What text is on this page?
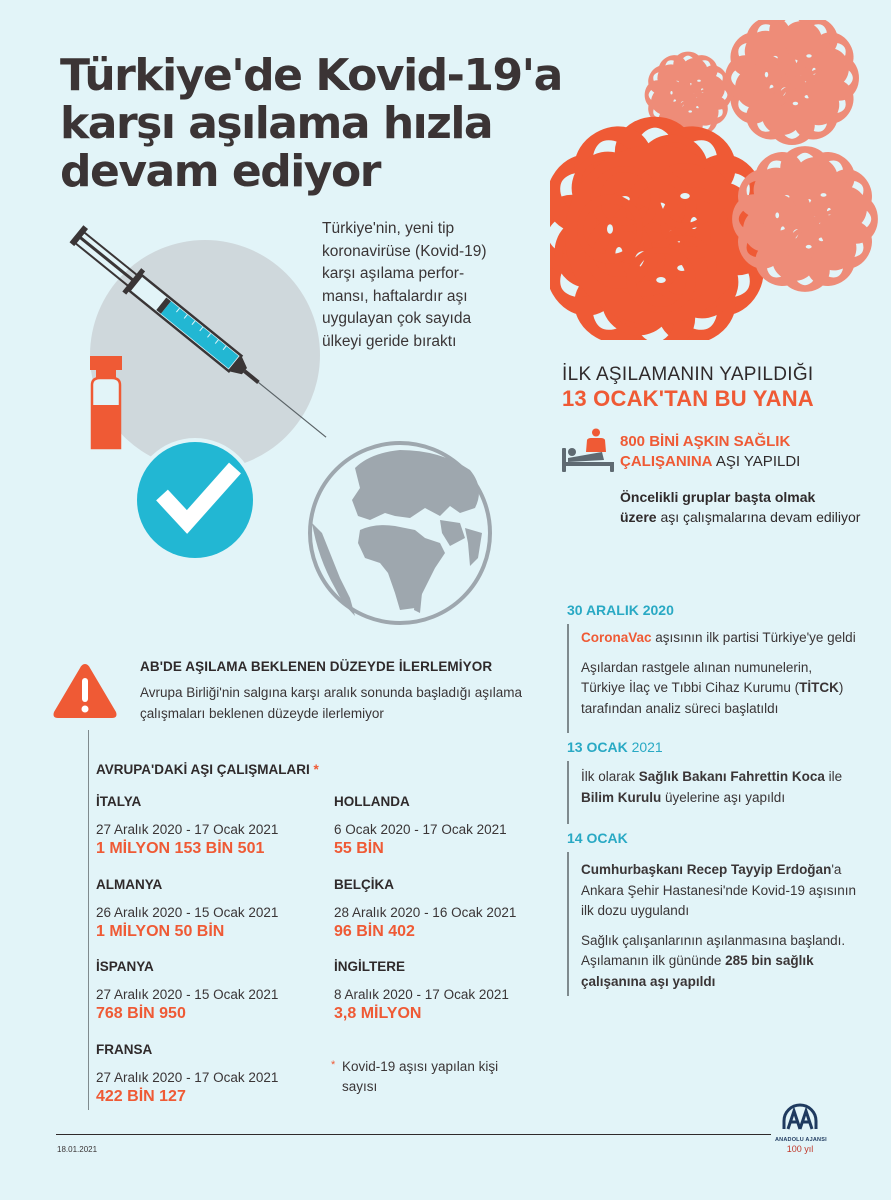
Türkiye'de Kovid-19'a
karşı aşılama hızla
devam ediyor
Türkiye'nin, yeni tip
koronavirüse (Kovid-19)
karşı aşılama perfor-
mansı, haftalardır aşı
uygulayan çok sayıda
ülkeyi geride bıraktı
İLK AŞILAMANIN YAPILDIĞI
13 OCAK'TAN BU YANA
800 BİNİ AŞKIN SAĞLIK
ÇALIŞANINA AŞI YAPILDI
Öncelikli gruplar başta olmak
üzere aşı çalışmalarına devam ediliyor
30 ARALIK 2020

CoronaVac aşısının ilk partisi Türkiye'ye geldi

Aşılardan rastgele alınan numunelerin, Türkiye İlaç ve Tıbbi Cihaz Kurumu (TİTCK) tarafından analiz süreci başlatıldı

13 OCAK 2021

İlk olarak Sağlık Bakanı Fahrettin Koca ile Bilim Kurulu üyelerine aşı yapıldı

14 OCAK

Cumhurbaşkanı Recep Tayyip Erdoğan'a Ankara Şehir Hastanesi'nde Kovid-19 aşısının ilk dozu uygulandı

Sağlık çalışanlarının aşılanmasına başlandı. Aşılamanın ilk gününde 285 bin sağlık çalışanına aşı yapıldı

AB'DE AŞILAMA BEKLENEN DÜZEYDE İLERLEMİYOR
Avrupa Birliği'nin salgına karşı aralık sonunda başladığı aşılama çalışmaları beklenen düzeyde ilerlemiyor
AVRUPA'DAKİ AŞI ÇALIŞMALARI *
İTALYA
27 Aralık 2020 - 17 Ocak 2021
1 MİLYON 153 BİN 501
HOLLANDA
6 Ocak 2020 - 17 Ocak 2021
55 BİN
ALMANYA
26 Aralık 2020 - 15 Ocak 2021
1 MİLYON 50 BİN
BELÇİKA
28 Aralık 2020 - 16 Ocak 2021
96 BİN 402
İSPANYA
27 Aralık 2020 - 15 Ocak 2021
768 BİN 950
İNGİLTERE
8 Aralık 2020 - 17 Ocak 2021
3,8 MİLYON
FRANSA
27 Aralık 2020 - 17 Ocak 2021
422 BİN 127
* Kovid-19 aşısı yapılan kişi sayısı
18.01.2021
ANADOLU AJANSI
100 yıl
